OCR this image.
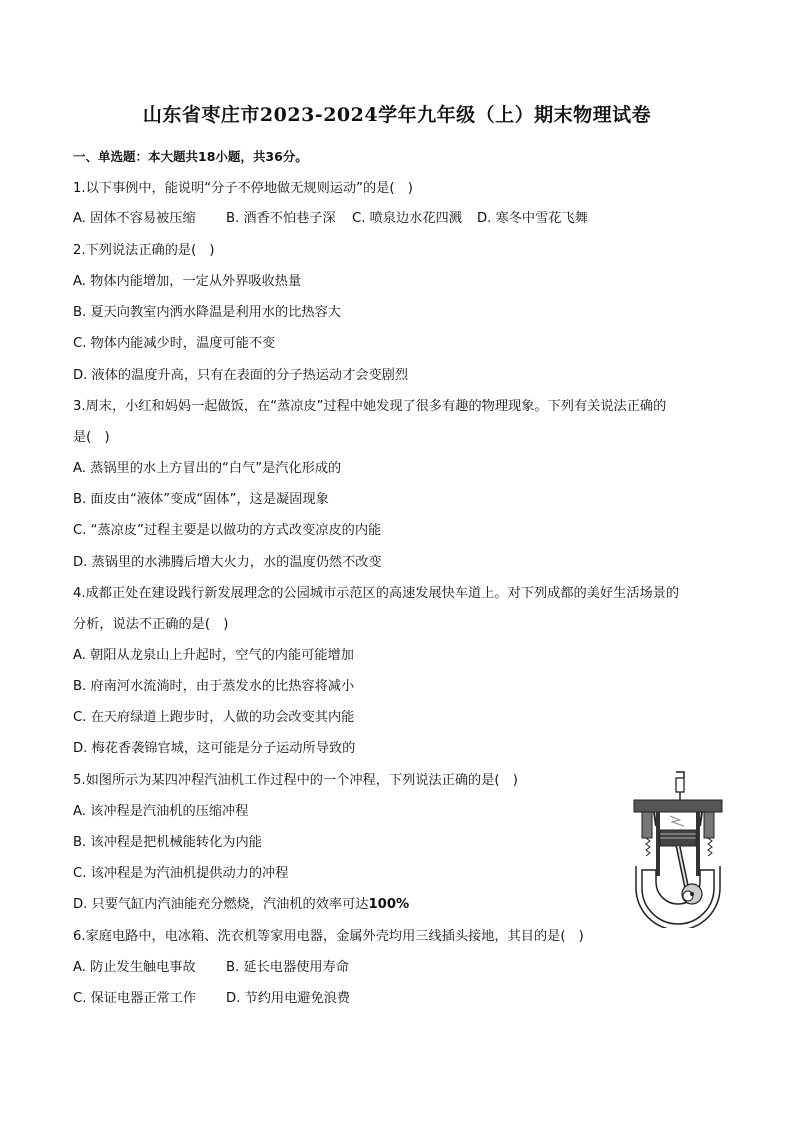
山东省枣庄市2023-2024学年九年级（上）期末物理试卷
一、单选题：本大题共18小题，共36分。
1.以下事例中，能说明“分子不停地做无规则运动”的是(　)
A. 固体不容易被压缩	B. 酒香不怕巷子深	C. 喷泉边水花四溅	D. 寒冬中雪花飞舞
2.下列说法正确的是(　)
A. 物体内能增加，一定从外界吸收热量
B. 夏天向教室内洒水降温是利用水的比热容大
C. 物体内能减少时，温度可能不变
D. 液体的温度升高，只有在表面的分子热运动才会变剧烈
3.周末，小红和妈妈一起做饭，在“蒸凉皮”过程中她发现了很多有趣的物理现象。下列有关说法正确的
是(　)
A. 蒸锅里的水上方冒出的“白气”是汽化形成的
B. 面皮由“液体”变成“固体”，这是凝固现象
C. “蒸凉皮”过程主要是以做功的方式改变凉皮的内能
D. 蒸锅里的水沸腾后增大火力，水的温度仍然不改变
4.成都正处在建设践行新发展理念的公园城市示范区的高速发展快车道上。对下列成都的美好生活场景的
分析，说法不正确的是(　)
A. 朝阳从龙泉山上升起时，空气的内能可能增加
B. 府南河水流淌时，由于蒸发水的比热容将减小
C. 在天府绿道上跑步时，人做的功会改变其内能
D. 梅花香袭锦官城，这可能是分子运动所导致的
5.如图所示为某四冲程汽油机工作过程中的一个冲程，下列说法正确的是(　)
A. 该冲程是汽油机的压缩冲程
B. 该冲程是把机械能转化为内能
C. 该冲程是为汽油机提供动力的冲程
D. 只要气缸内汽油能充分燃烧，汽油机的效率可达100%
6.家庭电路中，电冰箱、洗衣机等家用电器，金属外壳均用三线插头接地，其目的是(　)
A. 防止发生触电事故	B. 延长电器使用寿命
C. 保证电器正常工作	D. 节约用电避免浪费
